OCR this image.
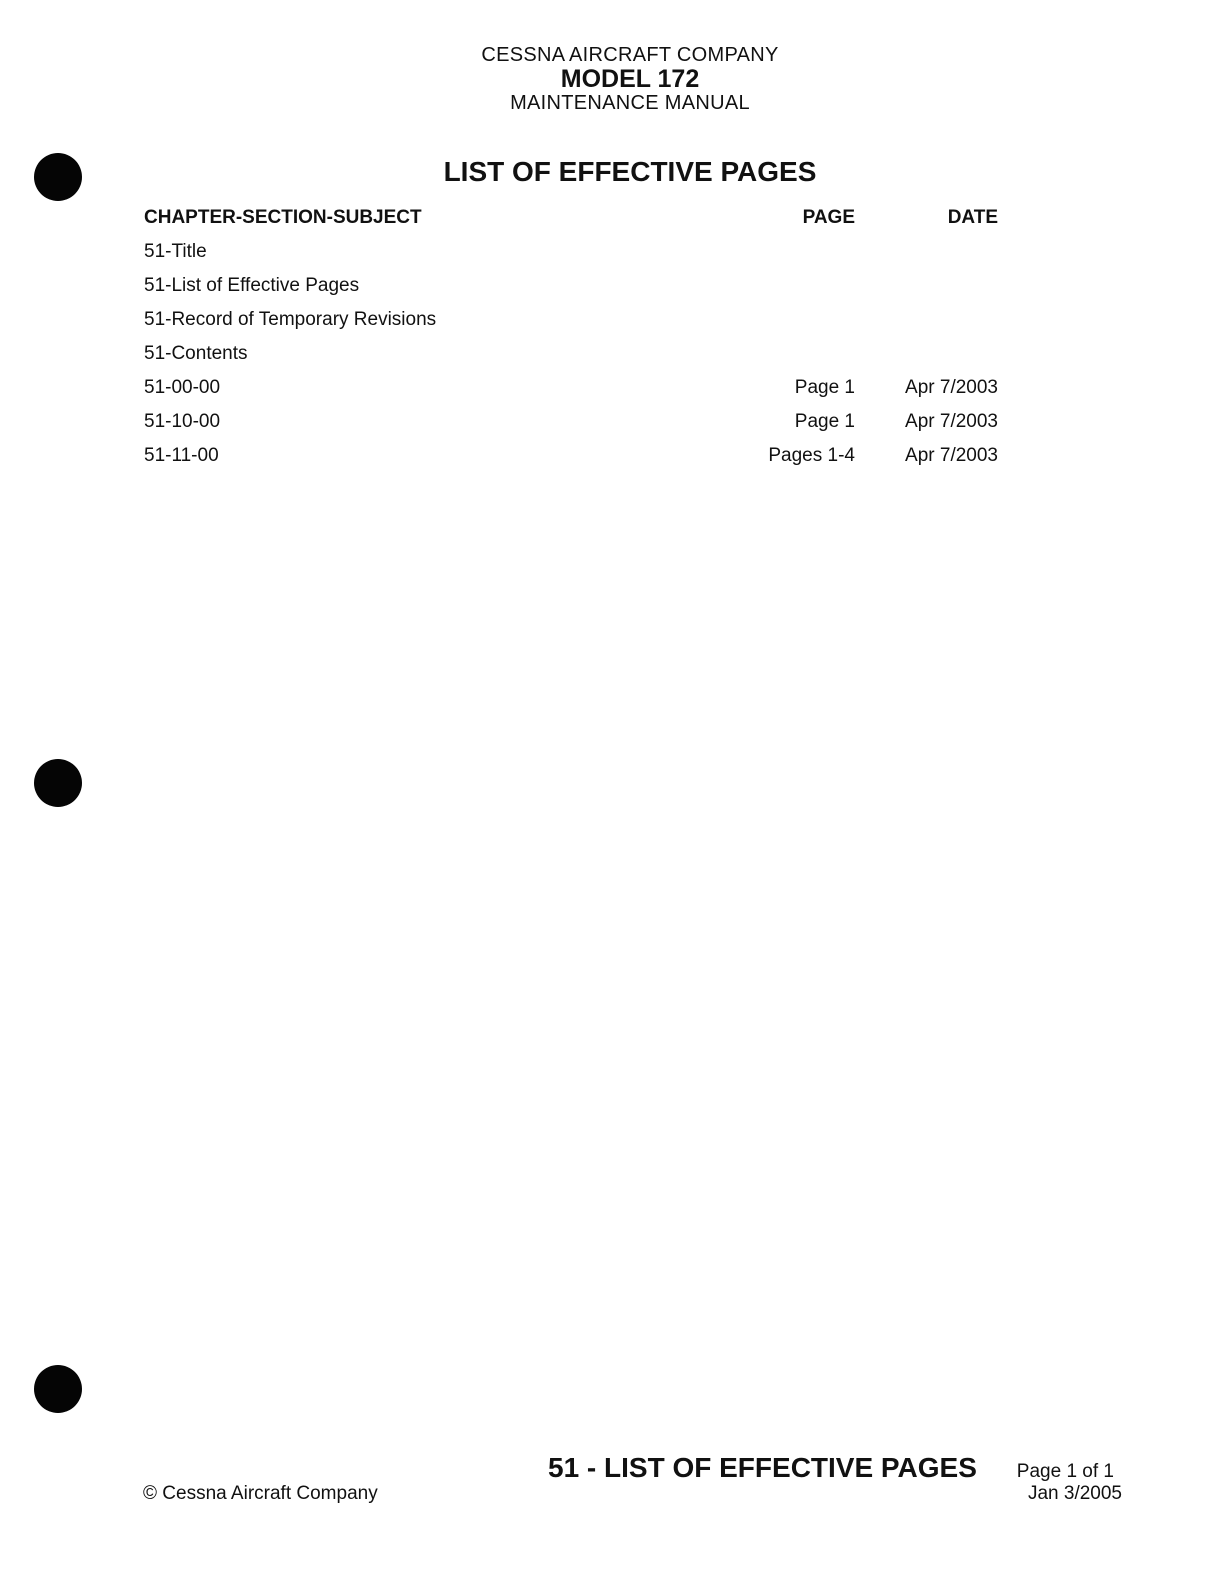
CESSNA AIRCRAFT COMPANY
MODEL 172
MAINTENANCE MANUAL
LIST OF EFFECTIVE PAGES
CHAPTER-SECTION-SUBJECT	PAGE	DATE
51-Title
51-List of Effective Pages
51-Record of Temporary Revisions
51-Contents
51-00-00	Page 1	Apr 7/2003
51-10-00	Page 1	Apr 7/2003
51-11-00	Pages 1-4	Apr 7/2003
51 - LIST OF EFFECTIVE PAGES	Page 1 of 1
Jan 3/2005
© Cessna Aircraft Company
